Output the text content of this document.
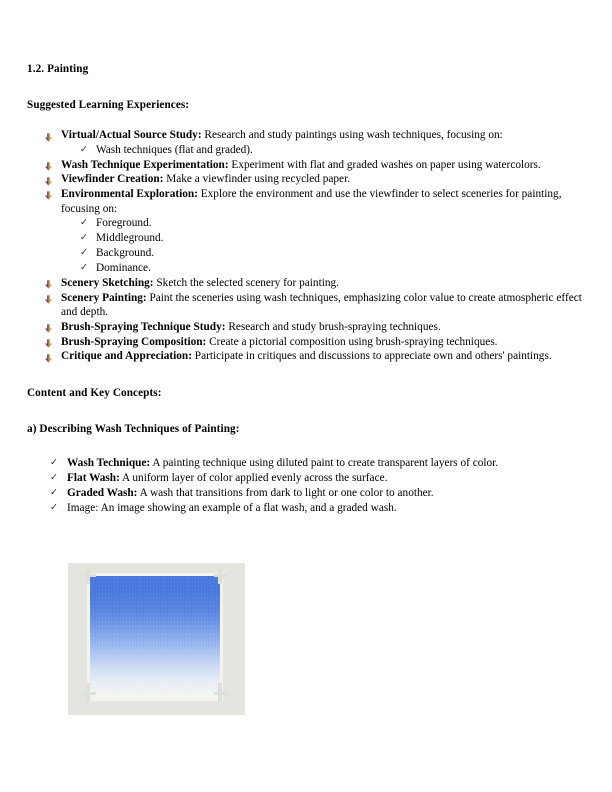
1.2. Painting
Suggested Learning Experiences:
Virtual/Actual Source Study: Research and study paintings using wash techniques, focusing on:
✓ Wash techniques (flat and graded).
Wash Technique Experimentation: Experiment with flat and graded washes on paper using watercolors.
Viewfinder Creation: Make a viewfinder using recycled paper.
Environmental Exploration: Explore the environment and use the viewfinder to select sceneries for painting, focusing on:
✓ Foreground.
✓ Middleground.
✓ Background.
✓ Dominance.
Scenery Sketching: Sketch the selected scenery for painting.
Scenery Painting: Paint the sceneries using wash techniques, emphasizing color value to create atmospheric effect and depth.
Brush-Spraying Technique Study: Research and study brush-spraying techniques.
Brush-Spraying Composition: Create a pictorial composition using brush-spraying techniques.
Critique and Appreciation: Participate in critiques and discussions to appreciate own and others' paintings.
Content and Key Concepts:
a) Describing Wash Techniques of Painting:
✓ Wash Technique: A painting technique using diluted paint to create transparent layers of color.
✓ Flat Wash: A uniform layer of color applied evenly across the surface.
✓ Graded Wash: A wash that transitions from dark to light or one color to another.
✓ Image: An image showing an example of a flat wash, and a graded wash.
